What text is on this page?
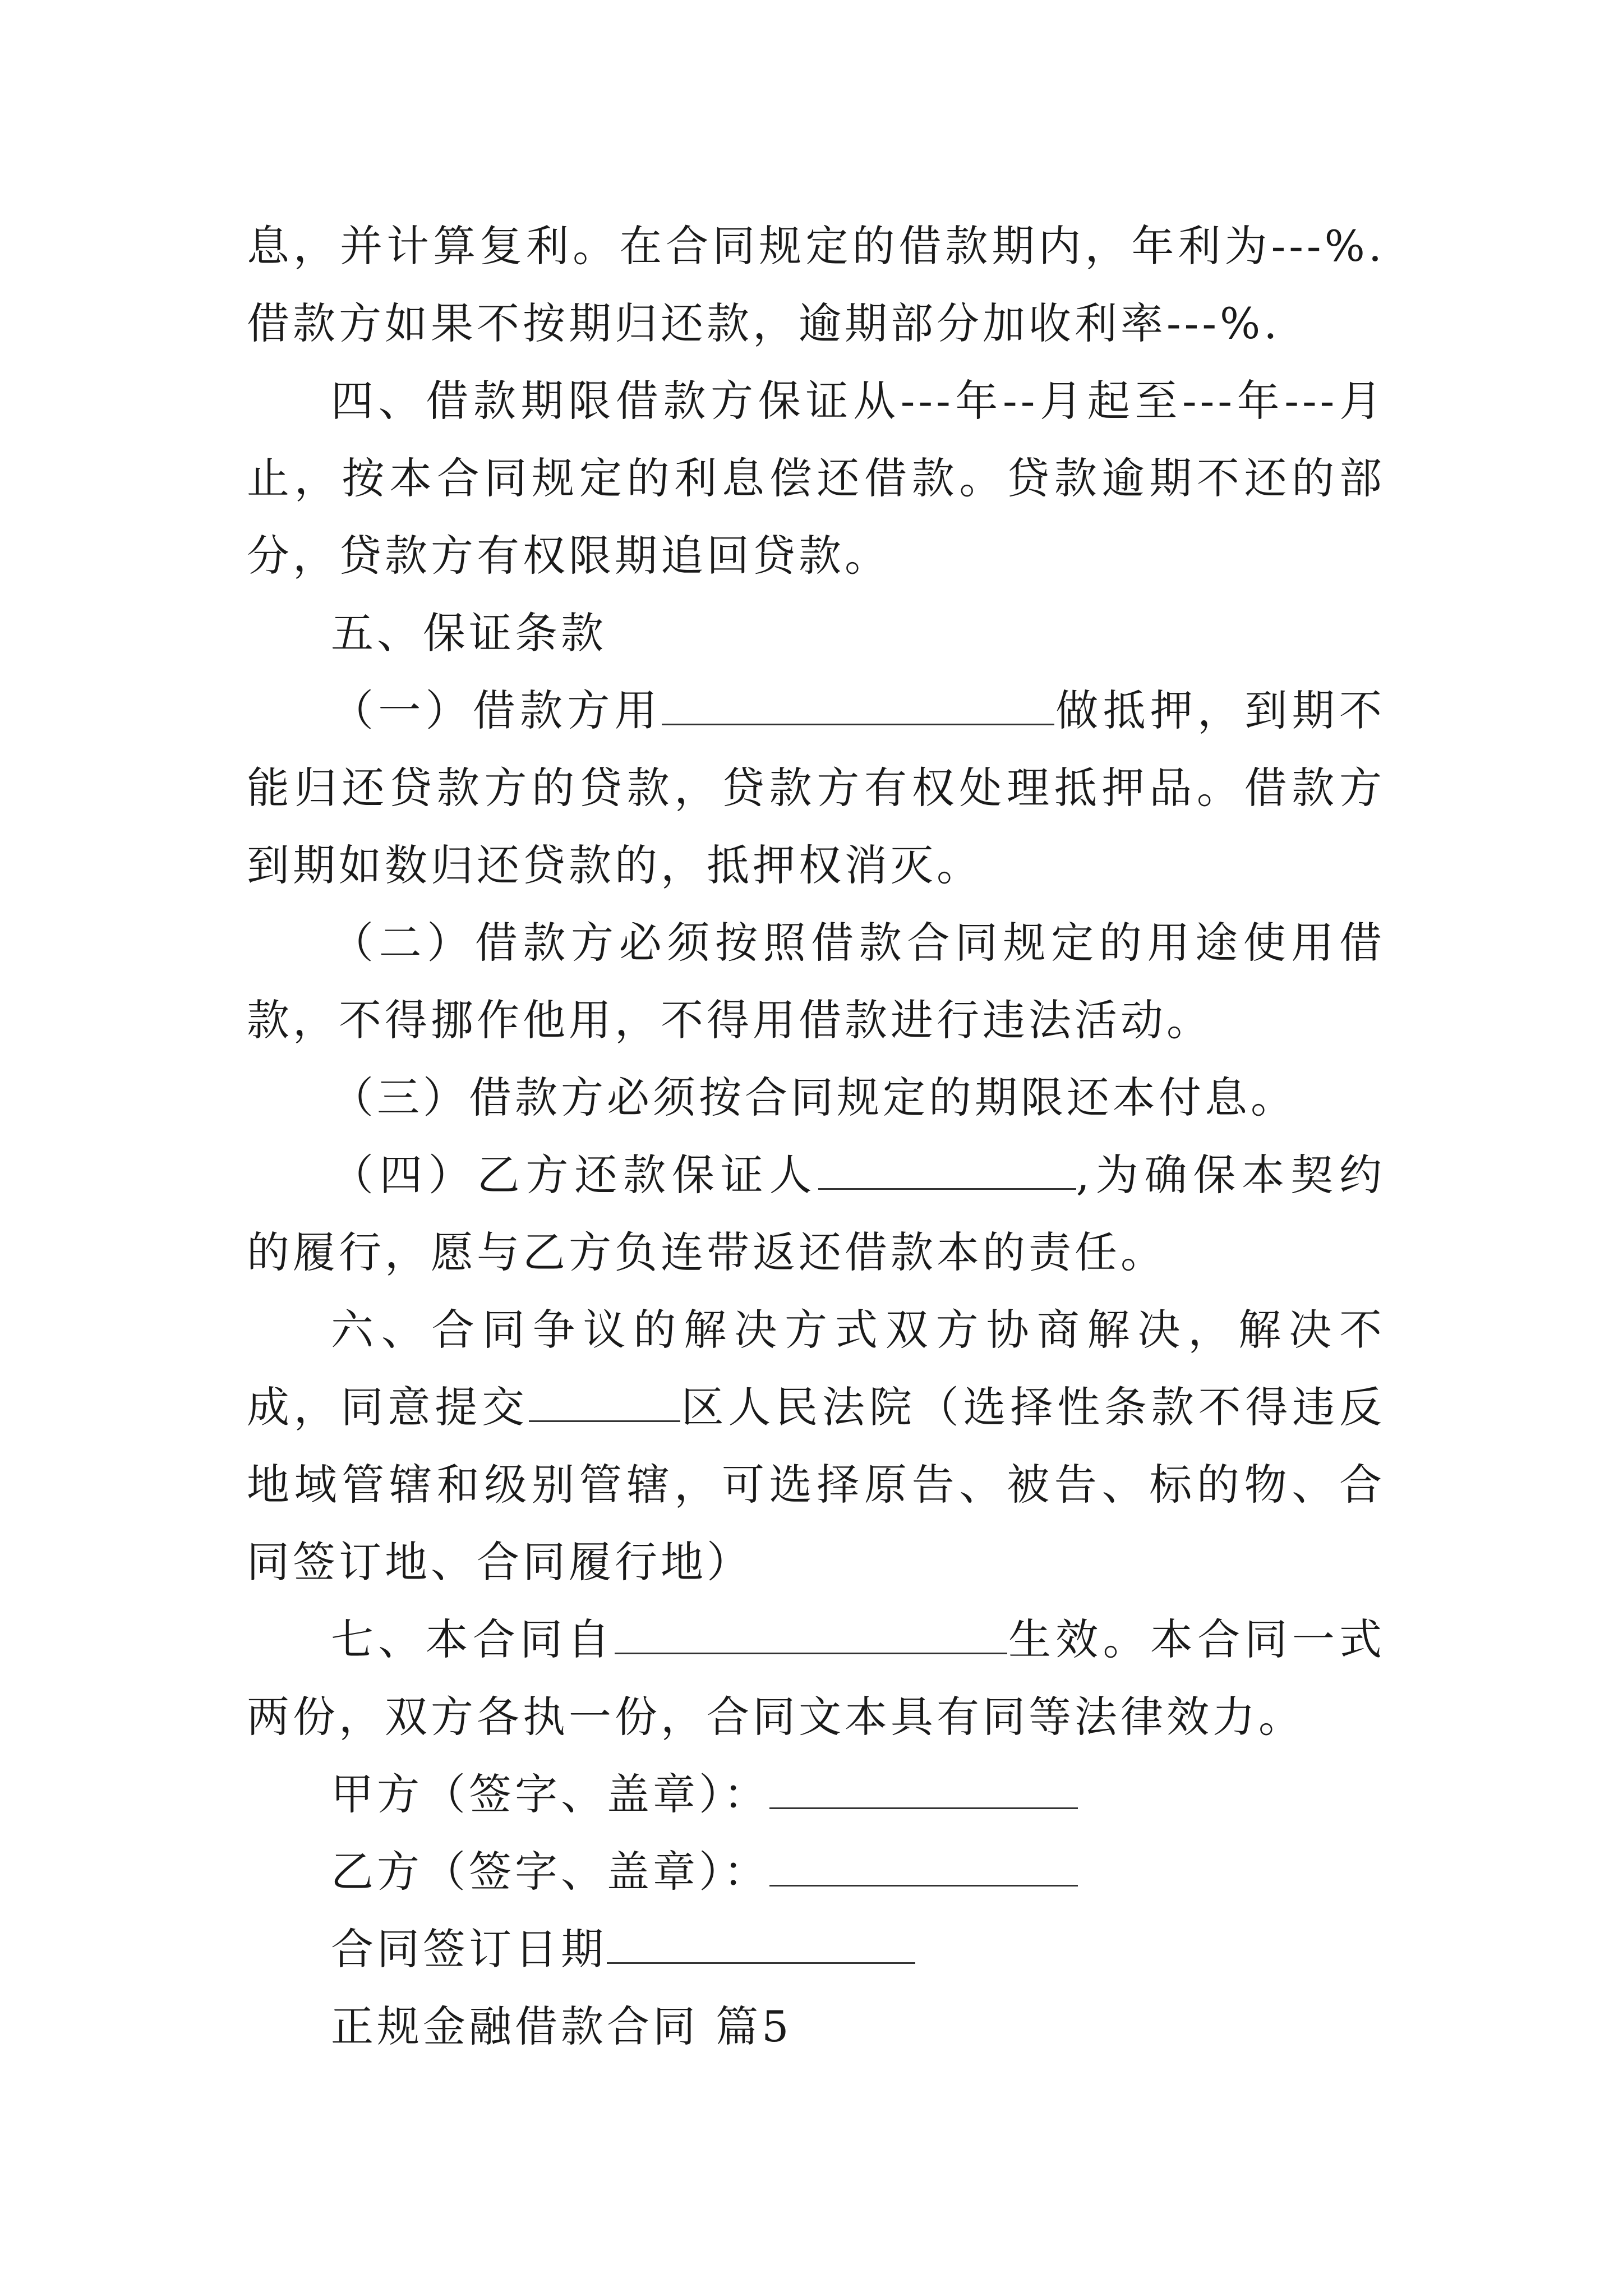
息，并计算复利。在合同规定的借款期内，年利为---%.借款方如果不按期归还款，逾期部分加收利率---%.

四、借款期限借款方保证从---年--月起至---年---月止，按本合同规定的利息偿还借款。贷款逾期不还的部分，贷款方有权限期追回贷款。

五、保证条款

（一）借款方用	做抵押，到期不能归还贷款方的贷款，贷款方有权处理抵押品。借款方到期如数归还贷款的，抵押权消灭。

（二）借款方必须按照借款合同规定的用途使用借款，不得挪作他用，不得用借款进行违法活动。

（三）借款方必须按合同规定的期限还本付息。

（四）乙方还款保证人	,为确保本契约的履行，愿与乙方负连带返还借款本的责任。

六、合同争议的解决方式双方协商解决，解决不成，同意提交	区人民法院（选择性条款不得违反地域管辖和级别管辖，可选择原告、被告、标的物、合同签订地、合同履行地）

七、本合同自	生效。本合同一式两份，双方各执一份，合同文本具有同等法律效力。

甲方（签字、盖章）：

乙方（签字、盖章）：

合同签订日期

正规金融借款合同 篇5
